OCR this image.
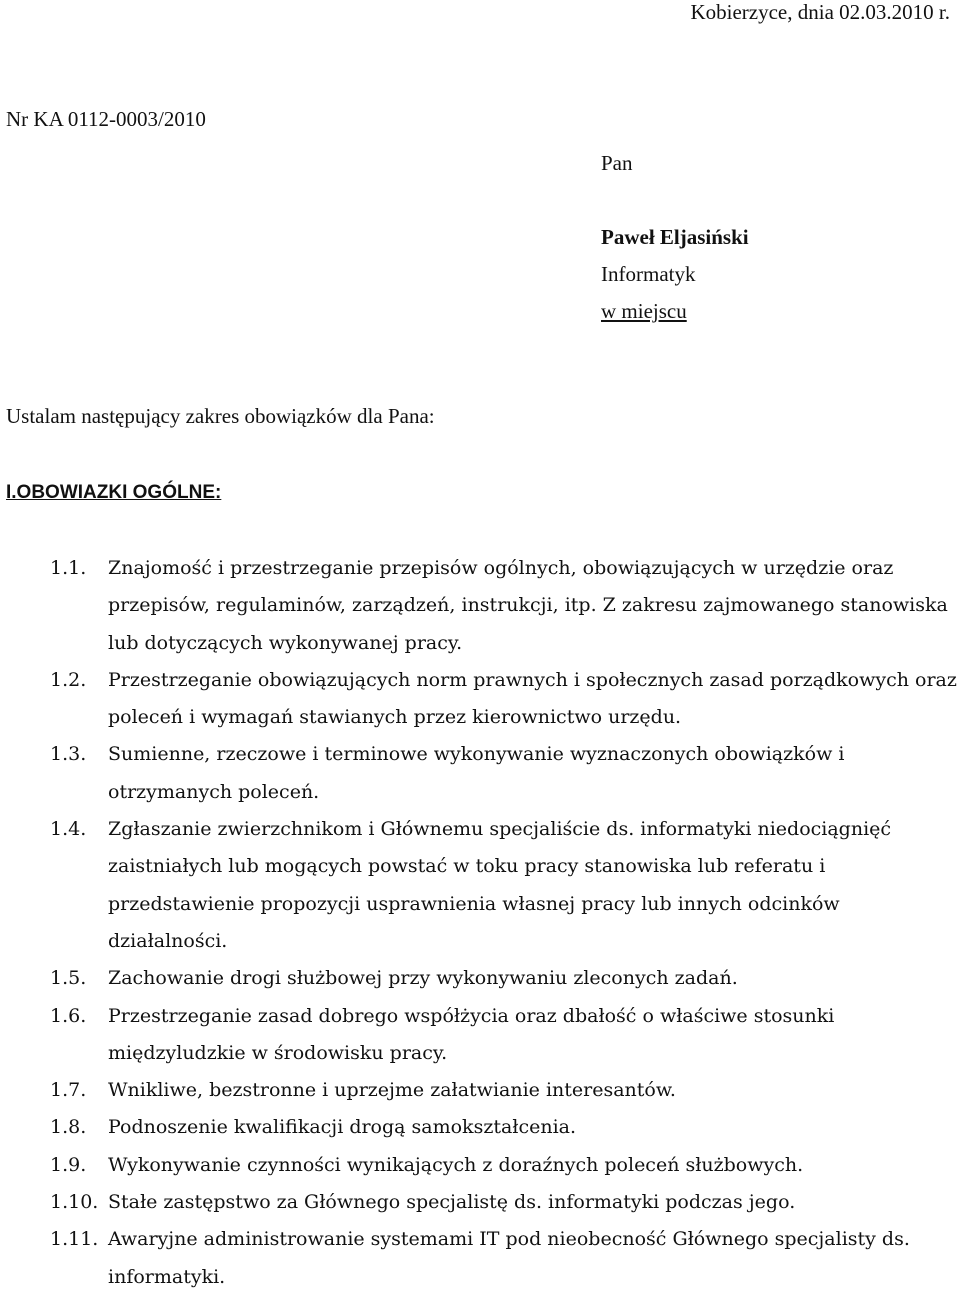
Kobierzyce, dnia 02.03.2010 r.
Nr KA 0112-0003/2010
Pan
Paweł Eljasiński
Informatyk
w miejscu
Ustalam następujący zakres obowiązków dla Pana:
I.OBOWIAZKI OGÓLNE:
1.1.	Znajomość i przestrzeganie przepisów ogólnych, obowiązujących w urzędzie oraz przepisów, regulaminów, zarządzeń, instrukcji, itp. Z zakresu zajmowanego stanowiska lub dotyczących wykonywanej pracy.
1.2.	Przestrzeganie obowiązujących norm prawnych i społecznych zasad porządkowych oraz poleceń i wymagań stawianych przez kierownictwo urzędu.
1.3.	Sumienne, rzeczowe i terminowe wykonywanie wyznaczonych obowiązków i otrzymanych poleceń.
1.4.	Zgłaszanie zwierzchnikom i Głównemu specjaliście ds. informatyki niedociągnięć zaistniałych lub mogących powstać w toku pracy stanowiska lub referatu i przedstawienie propozycji usprawnienia własnej pracy lub innych odcinków działalności.
1.5.	Zachowanie drogi służbowej przy wykonywaniu zleconych zadań.
1.6.	Przestrzeganie zasad dobrego współżycia oraz dbałość o właściwe stosunki międzyludzkie w środowisku pracy.
1.7.	Wnikliwe, bezstronne i uprzejme załatwianie interesantów.
1.8.	Podnoszenie kwalifikacji drogą samokształcenia.
1.9.	Wykonywanie czynności wynikających z doraźnych poleceń służbowych.
1.10. Stałe zastępstwo za Głównego specjalistę ds. informatyki podczas jego.
1.11. Awaryjne administrowanie systemami IT pod nieobecność Głównego specjalisty ds. informatyki.
